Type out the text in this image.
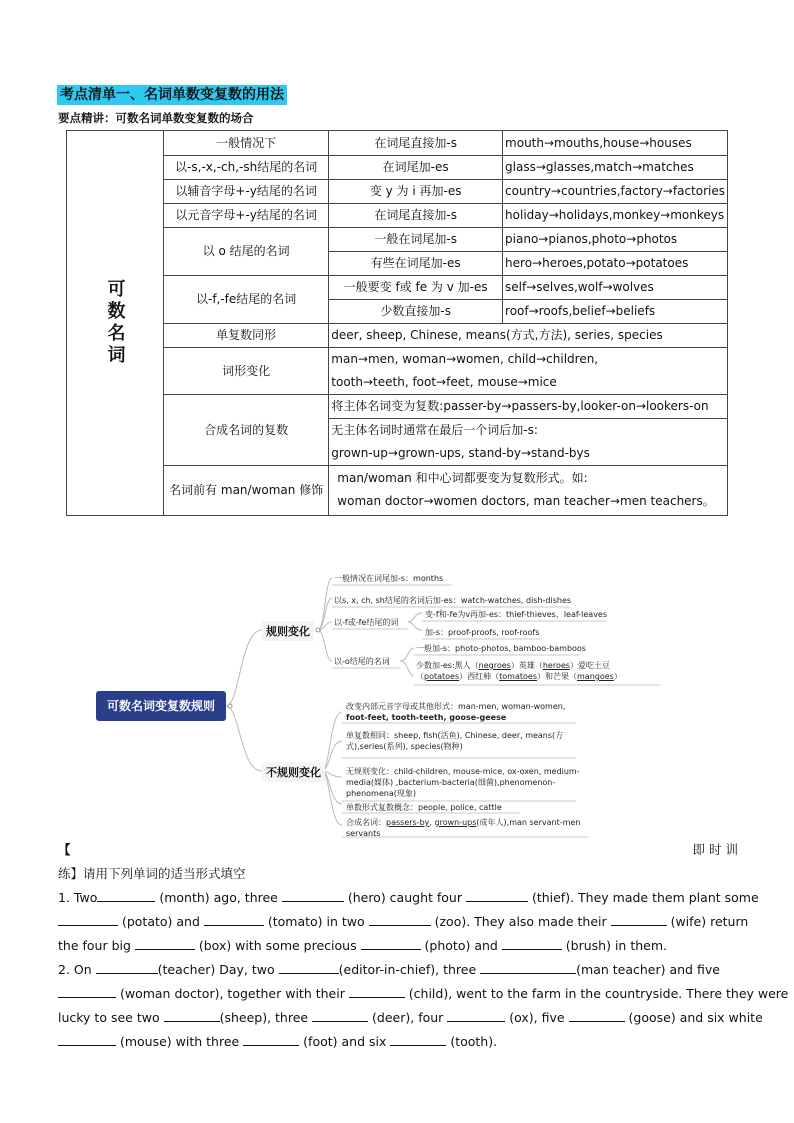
考点清单一、名词单数变复数的用法
要点精讲：可数名词单数变复数的场合
可数名词	一般情况下	在词尾直接加-s	mouth→mouths,house→houses
	以-s,-x,-ch,-sh结尾的名词	在词尾加-es	glass→glasses,match→matches
	以辅音字母+-y结尾的名词	变 y 为 i 再加-es	country→countries,factory→factories
	以元音字母+-y结尾的名词	在词尾直接加-s	holiday→holidays,monkey→monkeys
	以 o 结尾的名词	一般在词尾加-s	piano→pianos,photo→photos
		有些在词尾加-es	hero→heroes,potato→potatoes
	以-f,-fe结尾的名词	一般要变 f或 fe 为 v 加-es	self→selves,wolf→wolves
		少数直接加-s	roof→roofs,belief→beliefs
	单复数同形	deer, sheep, Chinese, means(方式,方法), series, species	
	词形变化	man→men, woman→women, child→children,	
		tooth→teeth, foot→feet, mouse→mice	
	合成名词的复数	将主体名词变为复数:passer-by→passers-by,looker-on→lookers-on	
		无主体名词时通常在最后一个词后加-s:	
		grown-up→grown-ups, stand-by→stand-bys	
	名词前有 man/woman 修饰	man/woman 和中心词都要变为复数形式。如:	
		woman doctor→women doctors, man teacher→men teachers。	

可数名词变复数规则
规则变化
不规则变化
一般情况在词尾加-s：months
以s, x, ch, sh结尾的名词后加-es：watch-watches, dish-dishes
以-f或-fe结尾的词
变-f和-fe为v再加-es：thief-thieves，leaf-leaves
加-s：proof-proofs, roof-roofs
以-o结尾的名词
一般加-s：photo-photos, bamboo-bamboos
少数加-es:黑人（negroes）英雄（heroes）爱吃土豆
（potatoes）西红柿（tomatoes）和芒果（mangoes）
改变内部元音字母或其他形式：man-men, woman-women,
foot-feet, tooth-teeth, goose-geese
单复数相同：sheep, fish(活鱼), Chinese, deer, means(方
式),series(系列), species(物种)
无规则变化：child-children, mouse-mice, ox-oxen, medium-
media(媒体) ,bacterium-bacteria(细菌),phenomenon-
phenomena(现象)
单数形式复数概念：people, police, cattle
合成名词：passers-by, grown-ups(成年人),man servant-men
servants
【	即 时 训
练】请用下列单词的适当形式填空
1. Two	(month) ago, three	(hero) caught four	(thief). They made them plant some
(potato) and	(tomato) in two	(zoo). They also made their	(wife) return
the four big	(box) with some precious	(photo) and	(brush) in them.
2. On	(teacher) Day, two	(editor-in-chief), three	(man teacher) and five
(woman doctor), together with their	(child), went to the farm in the countryside. There they were
lucky to see two	(sheep), three	(deer), four	(ox), five	(goose) and six white
(mouse) with three	(foot) and six	(tooth).
